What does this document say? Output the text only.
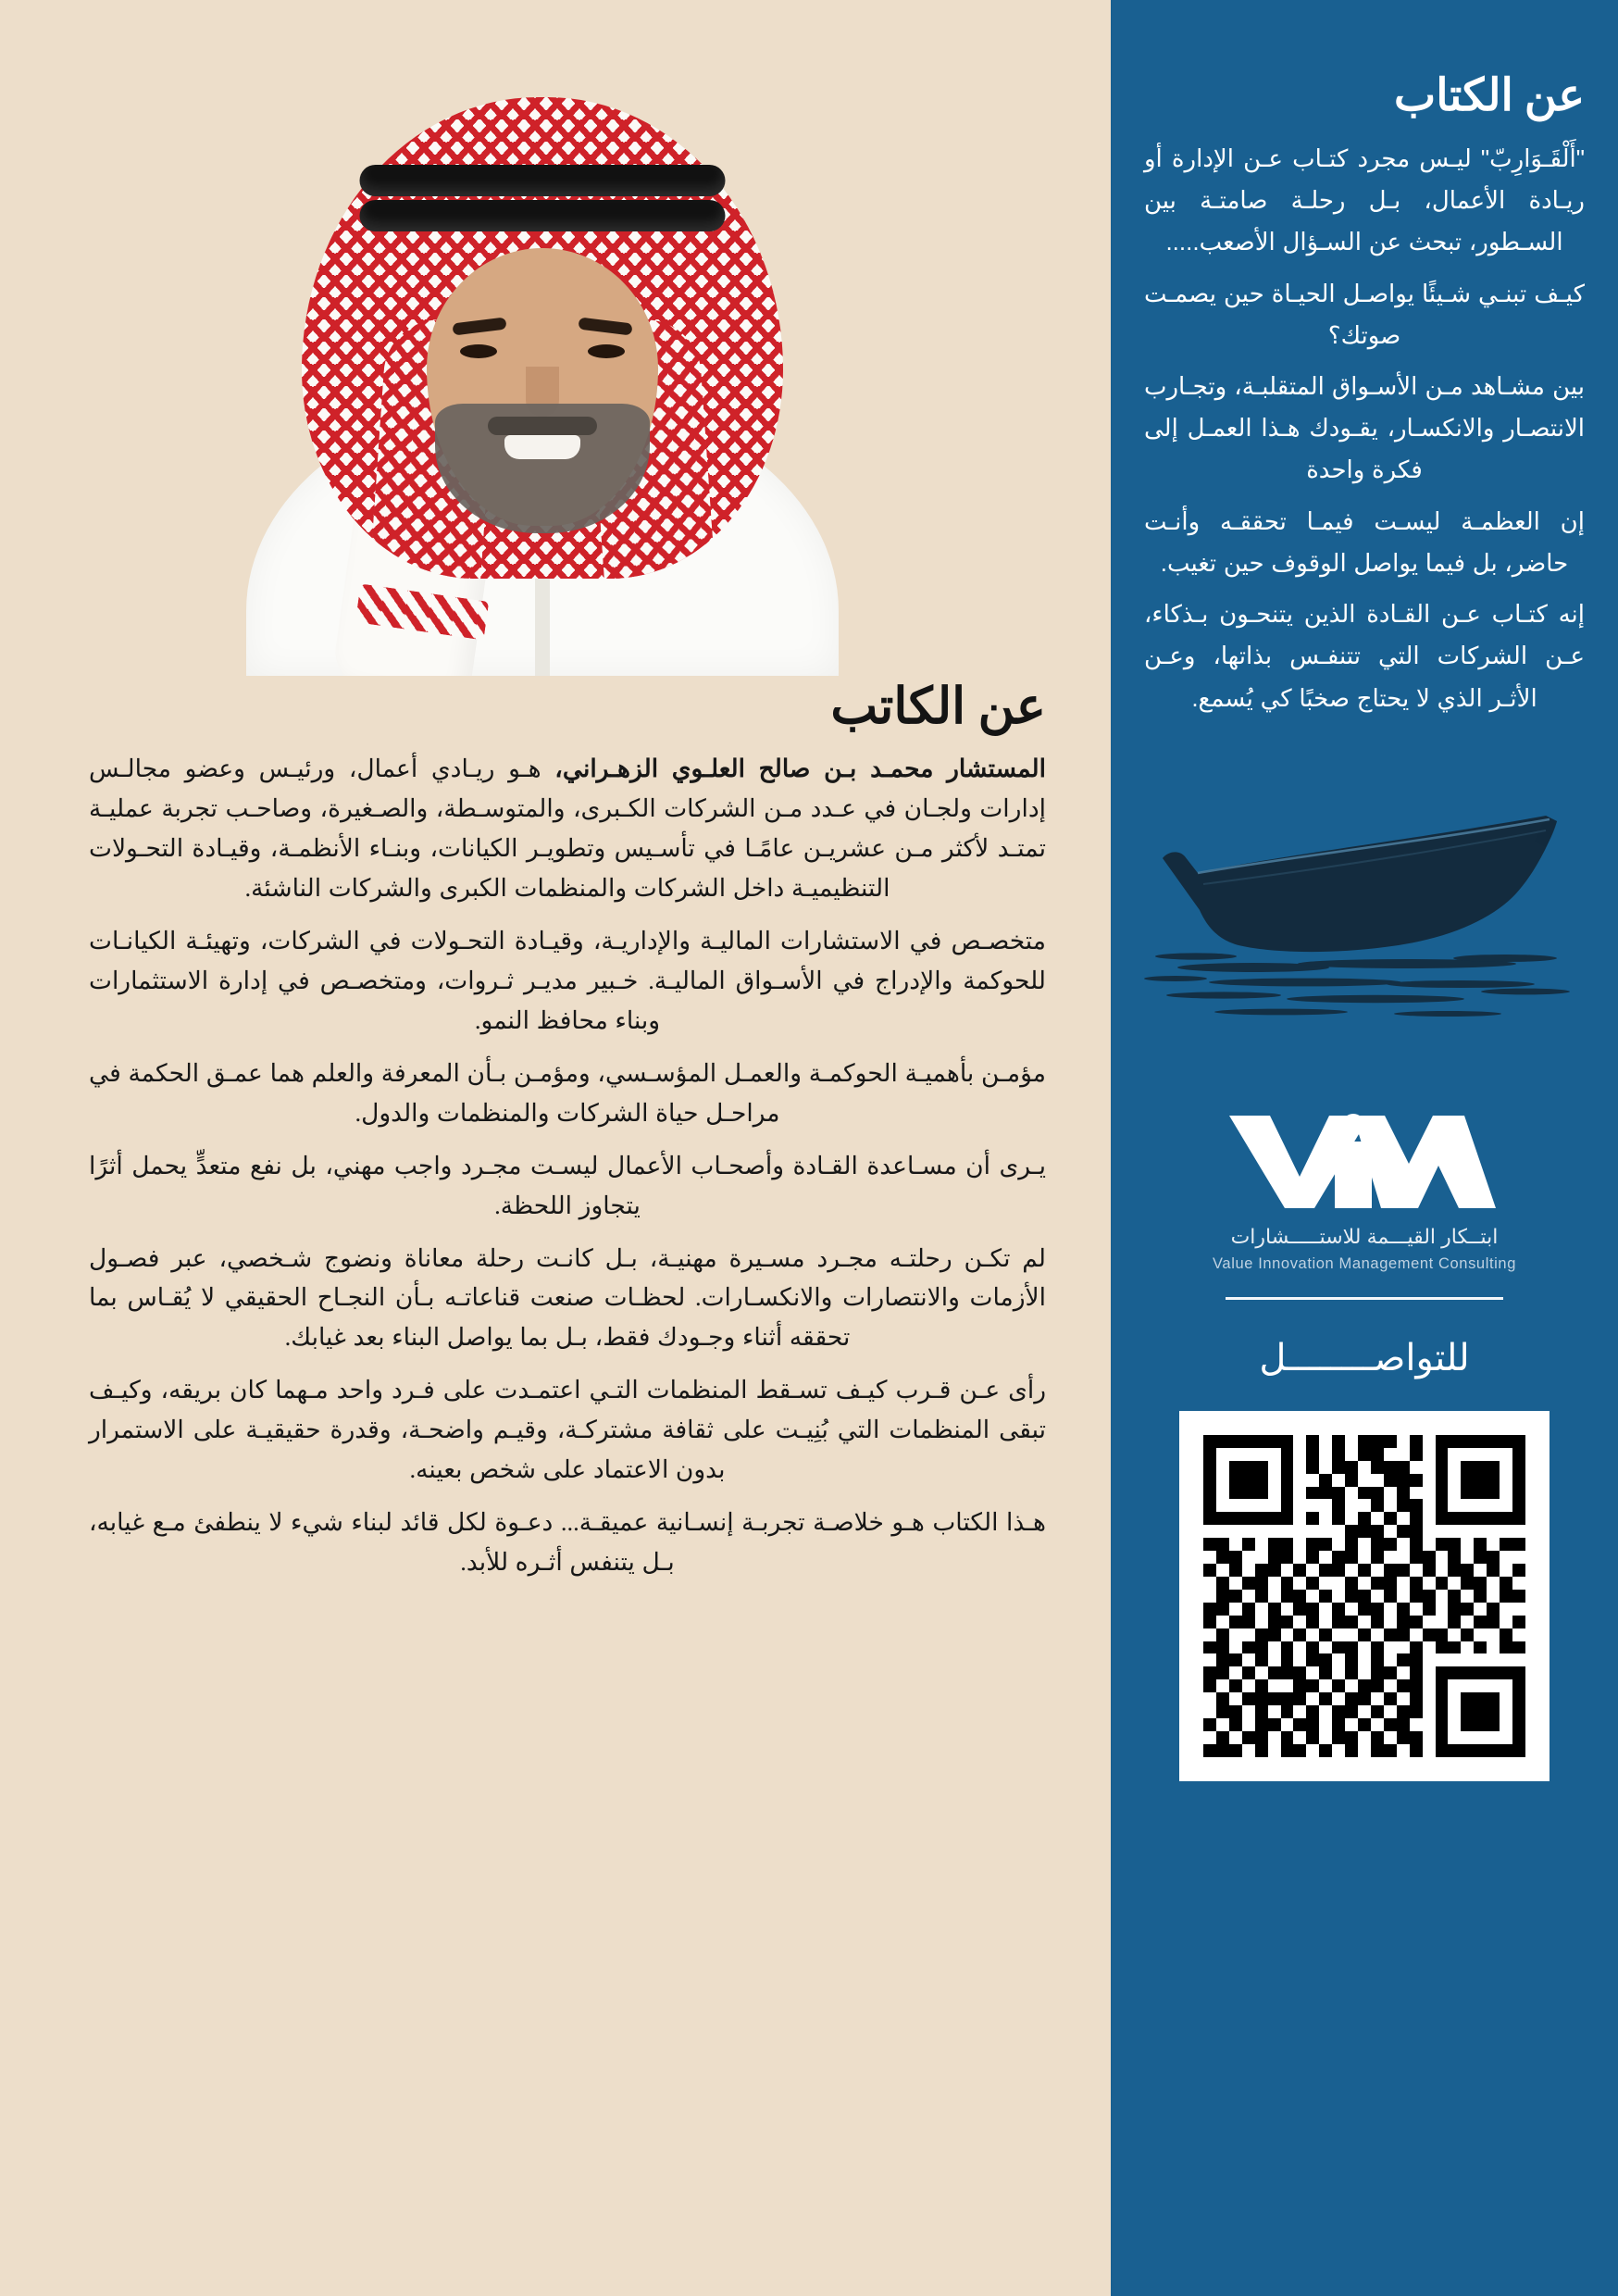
عن الكاتب

المستشار محمـد بـن صالح العلـوي الزهـراني، هـو ريـادي أعمال، ورئيـس وعضو مجالـس إدارات ولجـان في عـدد مـن الشركات الكـبرى، والمتوسـطة، والصـغيرة، وصاحـب تجربة عمليـة تمتـد لأكثر مـن عشريـن عامًـا في تأسـيس وتطويـر الكيانات، وبنـاء الأنظمـة، وقيـادة التحـولات التنظيميـة داخل الشركات والمنظمات الكبرى والشركات الناشئة.

متخصـص في الاستشارات الماليـة والإداريـة، وقيـادة التحـولات في الشركات، وتهيئـة الكيانـات للحوكمة والإدراج في الأسـواق الماليـة. خـبير مديـر ثـروات، ومتخصـص في إدارة الاستثمارات وبناء محافظ النمو.

مؤمـن بأهميـة الحوكمـة والعمـل المؤسـسي، ومؤمـن بـأن المعرفة والعلم هما عمـق الحكمة في مراحـل حياة الشركات والمنظمات والدول.

يـرى أن مسـاعدة القـادة وأصحـاب الأعمال ليسـت مجـرد واجب مهني، بل نفع متعدٍّ يحمل أثرًا يتجاوز اللحظة.

لم تكـن رحلتـه مجـرد مسـيرة مهنيـة، بـل كانـت رحلة معاناة ونضوج شـخصي، عبر فصـول الأزمات والانتصارات والانكسـارات. لحظـات صنعت قناعاتـه بـأن النجـاح الحقيقي لا يُقـاس بما تحققه أثناء وجـودك فقط، بـل بما يواصل البناء بعد غيابك.

رأى عـن قـرب كيـف تسـقط المنظمات التـي اعتمـدت على فـرد واحد مـهما كان بريقه، وكيـف تبقى المنظمات التي بُنِيـت على ثقافة مشتركـة، وقيـم واضحـة، وقدرة حقيقيـة على الاستمرار بدون الاعتماد على شخص بعينه.

هـذا الكتاب هـو خلاصـة تجربـة إنسـانية عميقـة... دعـوة لكل قائد لبناء شيء لا ينطفئ مـع غيابه، بـل يتنفس أثـره للأبد.

عن الكتاب

"أَلْقَـوَارِبّ" ليـس مجرد كتـاب عـن الإدارة أو ريـادة الأعمال، بـل رحلـة صامتـة بين السـطور، تبحث عن السـؤال الأصعب.....

كيـف تبنـي شـيئًا يواصـل الحيـاة حين يصمـت صوتك؟

بين مشـاهد مـن الأسـواق المتقلبـة، وتجـارب الانتصـار والانكسـار، يقـودك هـذا العمـل إلى فكرة واحدة

إن العظمـة ليسـت فيمـا تحققـه وأنـت حاضر، بل فيما يواصل الوقوف حين تغيب.

إنه كتـاب عـن القـادة الذين يتنحـون بـذكاء، عـن الشركات التي تتنفـس بذاتها، وعـن الأثـر الذي لا يحتاج صخبًا كي يُسمع.

ابتــكار القيـــمة للاستـــــشارات
Value Innovation Management Consulting
للتواصــــــــل
